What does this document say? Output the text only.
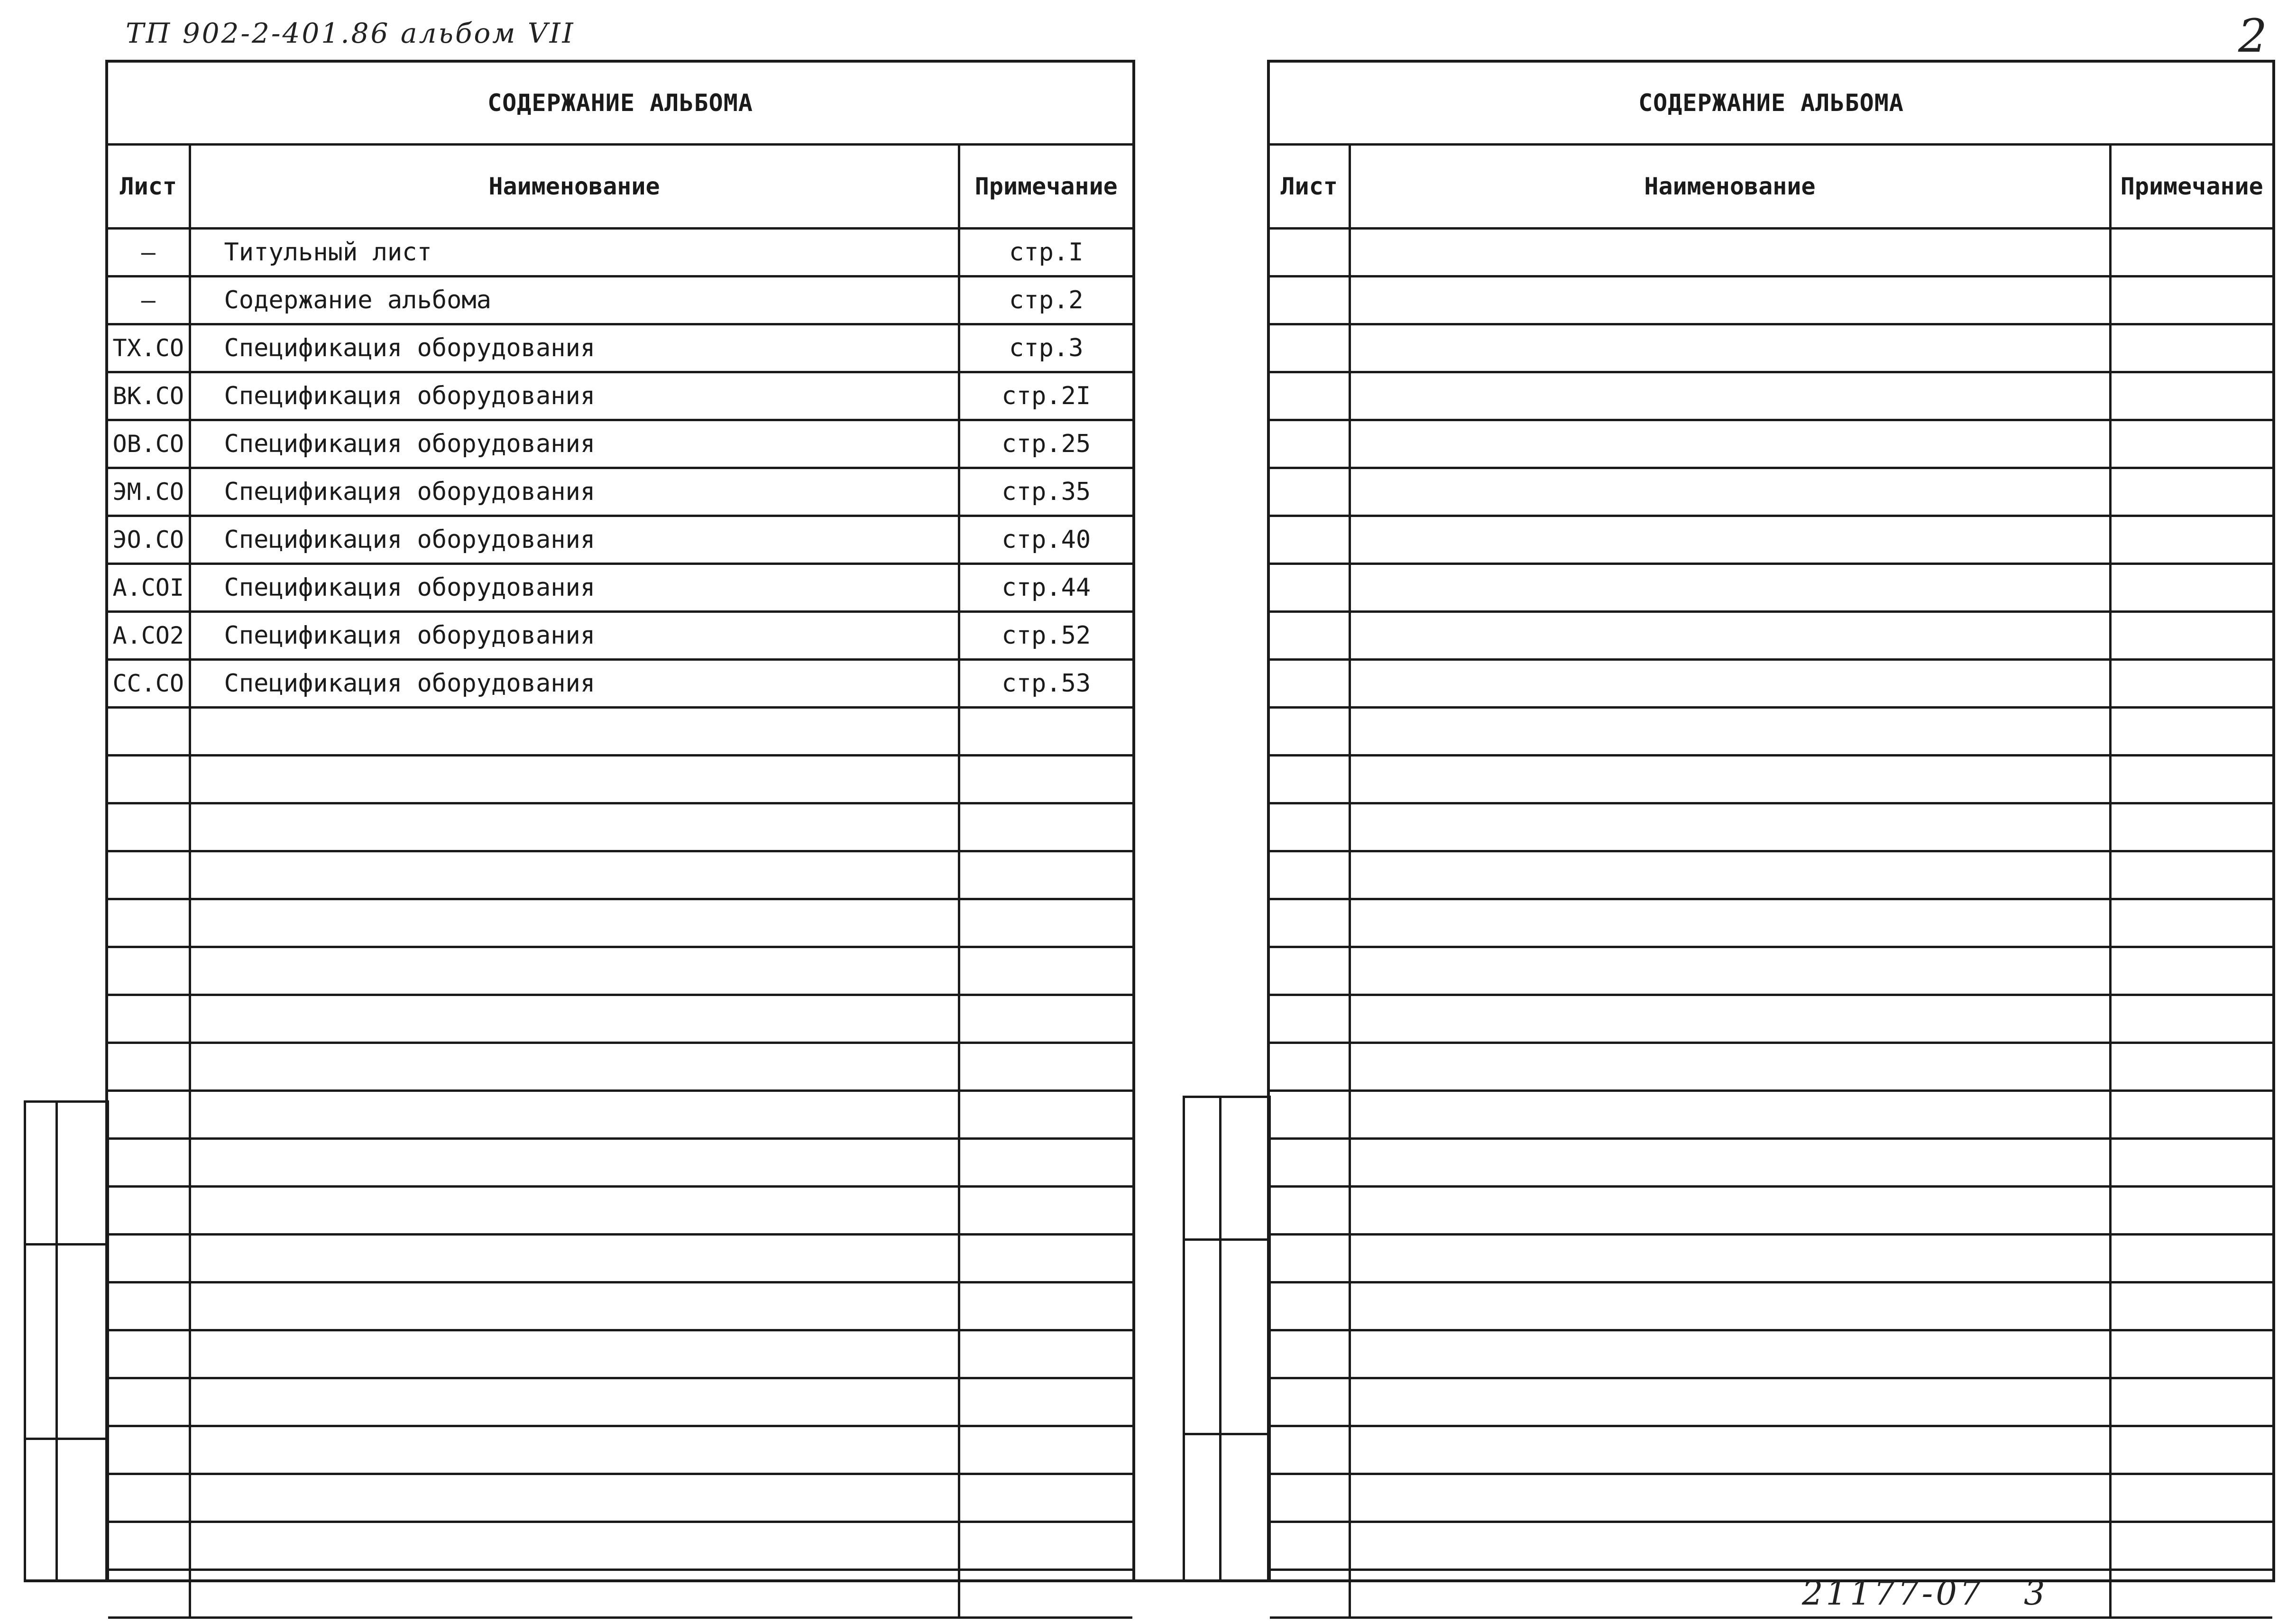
ТП 902-2-401.86 альбом VII	2
СОДЕРЖАНИЕ АЛЬБОМА		
Лист	Наименование	Примечание
–	Титульный лист	стр.I
–	Содержание альбома	стр.2
ТХ.СО	Спецификация оборудования	стр.3
ВК.СО	Спецификация оборудования	стр.2I
ОВ.СО	Спецификация оборудования	стр.25
ЭМ.СО	Спецификация оборудования	стр.35
ЭО.СО	Спецификация оборудования	стр.40
А.СОI	Спецификация оборудования	стр.44
А.СО2	Спецификация оборудования	стр.52
СС.СО	Спецификация оборудования	стр.53

СОДЕРЖАНИЕ АЛЬБОМА		
Лист	Наименование	Примечание

21177-07 3
